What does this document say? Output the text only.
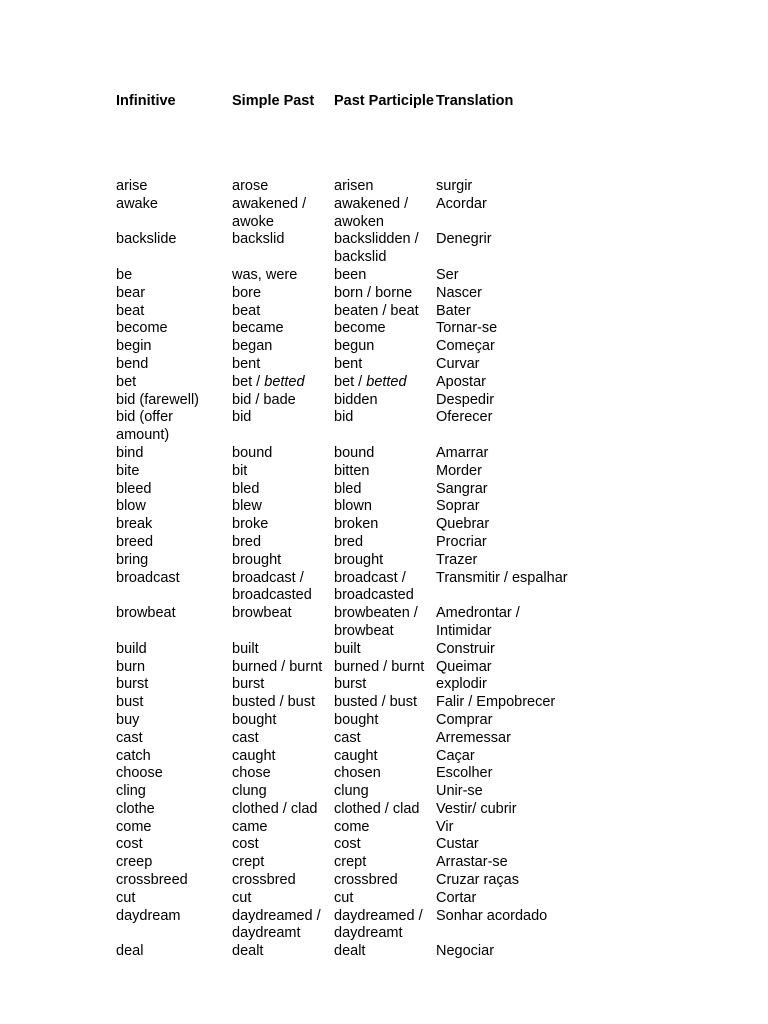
Infinitive	Simple Past	Past Participle	Translation
arise	arose	arisen	surgir
awake	awakened / awoke	awakened / awoken	Acordar
backslide	backslid	backslidden / backslid	Denegrir
be	was, were	been	Ser
bear	bore	born / borne	Nascer
beat	beat	beaten / beat	Bater
become	became	become	Tornar-se
begin	began	begun	Começar
bend	bent	bent	Curvar
bet	bet / betted	bet / betted	Apostar
bid (farewell)	bid / bade	bidden	Despedir
bid (offer amount)	bid	bid	Oferecer
bind	bound	bound	Amarrar
bite	bit	bitten	Morder
bleed	bled	bled	Sangrar
blow	blew	blown	Soprar
break	broke	broken	Quebrar
breed	bred	bred	Procriar
bring	brought	brought	Trazer
broadcast	broadcast / broadcasted	broadcast / broadcasted	Transmitir / espalhar
browbeat	browbeat	browbeaten / browbeat	Amedrontar / Intimidar
build	built	built	Construir
burn	burned / burnt	burned / burnt	Queimar
burst	burst	burst	explodir
bust	busted / bust	busted / bust	Falir / Empobrecer
buy	bought	bought	Comprar
cast	cast	cast	Arremessar
catch	caught	caught	Caçar
choose	chose	chosen	Escolher
cling	clung	clung	Unir-se
clothe	clothed / clad	clothed / clad	Vestir/ cubrir
come	came	come	Vir
cost	cost	cost	Custar
creep	crept	crept	Arrastar-se
crossbreed	crossbred	crossbred	Cruzar raças
cut	cut	cut	Cortar
daydream	daydreamed / daydreamt	daydreamed / daydreamt	Sonhar acordado
deal	dealt	dealt	Negociar
